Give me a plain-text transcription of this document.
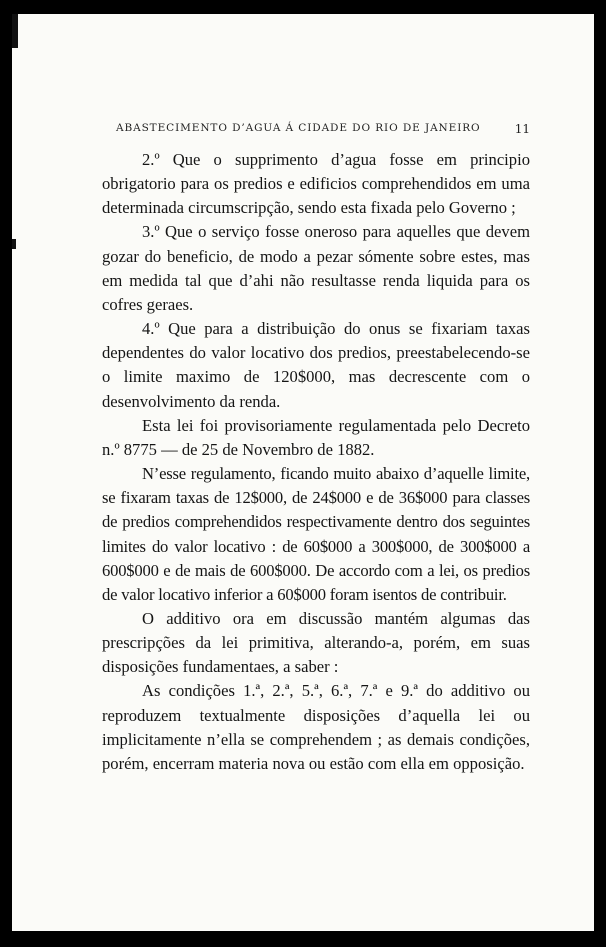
ABASTECIMENTO D’AGUA Á CIDADE DO RIO DE JANEIRO	11

2.º Que o supprimento d’agua fosse em principio obrigatorio para os predios e edificios comprehendidos em uma determinada circumscripção, sendo esta fixada pelo Governo ;

3.º Que o serviço fosse oneroso para aquelles que devem gozar do beneficio, de modo a pezar sómente sobre estes, mas em medida tal que d’ahi não resultasse renda liquida para os cofres geraes.

4.º Que para a distribuição do onus se fixariam taxas dependentes do valor locativo dos predios, preestabelecendo-se o limite maximo de 120$000, mas decrescente com o desenvolvimento da renda.

Esta lei foi provisoriamente regulamentada pelo Decreto n.º 8775 — de 25 de Novembro de 1882.

N’esse regulamento, ficando muito abaixo d’aquelle limite, se fixaram taxas de 12$000, de 24$000 e de 36$000 para classes de predios comprehendidos respectivamente dentro dos seguintes limites do valor locativo : de 60$000 a 300$000, de 300$000 a 600$000 e de mais de 600$000. De accordo com a lei, os predios de valor locativo inferior a 60$000 foram isentos de contribuir.

O additivo ora em discussão mantém algumas das prescripções da lei primitiva, alterando-a, porém, em suas disposições fundamentaes, a saber :

As condições 1.ª, 2.ª, 5.ª, 6.ª, 7.ª e 9.ª do additivo ou reproduzem textualmente disposições d’aquella lei ou implicitamente n’ella se comprehendem ; as demais condições, porém, encerram materia nova ou estão com ella em opposição.
